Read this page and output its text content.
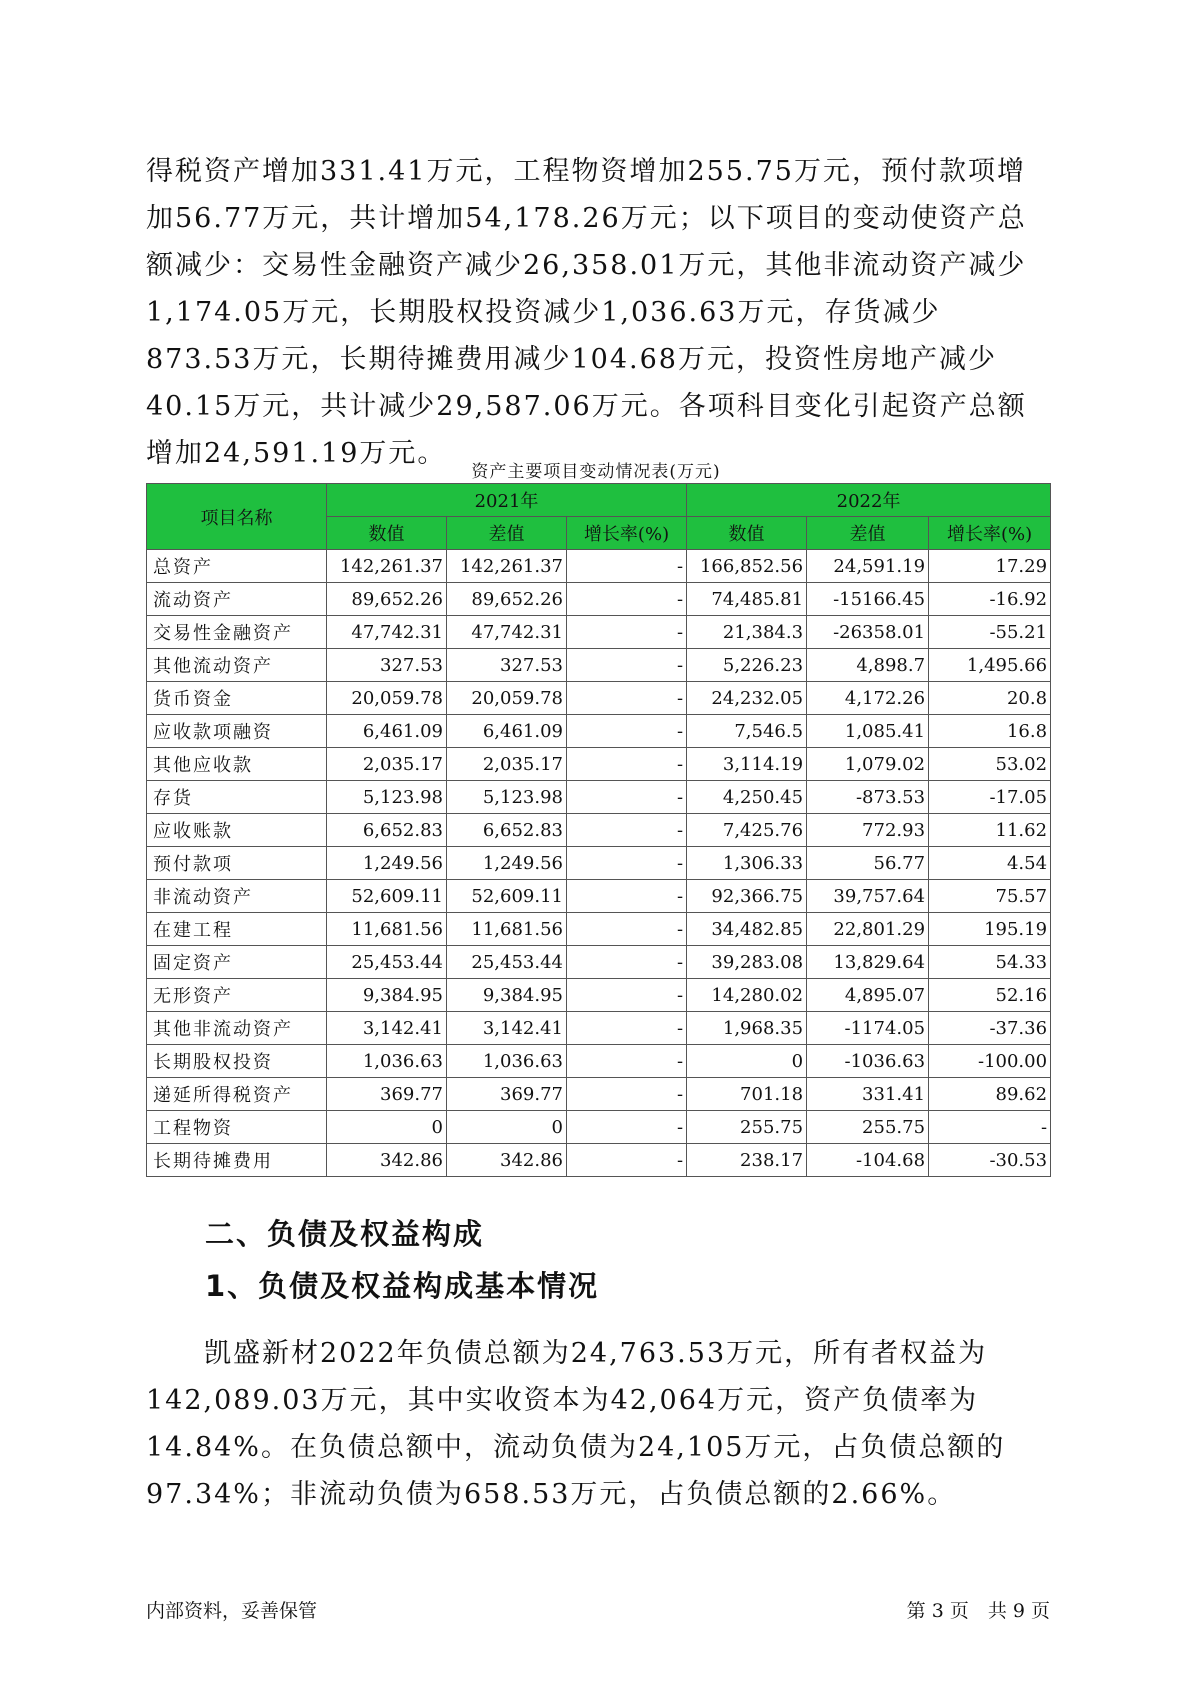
得税资产增加331.41万元，工程物资增加255.75万元，预付款项增加56.77万元，共计增加54,178.26万元；以下项目的变动使资产总额减少：交易性金融资产减少26,358.01万元，其他非流动资产减少1,174.05万元，长期股权投资减少1,036.63万元，存货减少873.53万元，长期待摊费用减少104.68万元，投资性房地产减少40.15万元，共计减少29,587.06万元。各项科目变化引起资产总额增加24,591.19万元。

资产主要项目变动情况表(万元)
项目名称	2021年			2022年		
	数值	差值	增长率(%)	数值	差值	增长率(%)
总资产	142,261.37	142,261.37	-	166,852.56	24,591.19	17.29
流动资产	89,652.26	89,652.26	-	74,485.81	-15166.45	-16.92
交易性金融资产	47,742.31	47,742.31	-	21,384.3	-26358.01	-55.21
其他流动资产	327.53	327.53	-	5,226.23	4,898.7	1,495.66
货币资金	20,059.78	20,059.78	-	24,232.05	4,172.26	20.8
应收款项融资	6,461.09	6,461.09	-	7,546.5	1,085.41	16.8
其他应收款	2,035.17	2,035.17	-	3,114.19	1,079.02	53.02
存货	5,123.98	5,123.98	-	4,250.45	-873.53	-17.05
应收账款	6,652.83	6,652.83	-	7,425.76	772.93	11.62
预付款项	1,249.56	1,249.56	-	1,306.33	56.77	4.54
非流动资产	52,609.11	52,609.11	-	92,366.75	39,757.64	75.57
在建工程	11,681.56	11,681.56	-	34,482.85	22,801.29	195.19
固定资产	25,453.44	25,453.44	-	39,283.08	13,829.64	54.33
无形资产	9,384.95	9,384.95	-	14,280.02	4,895.07	52.16
其他非流动资产	3,142.41	3,142.41	-	1,968.35	-1174.05	-37.36
长期股权投资	1,036.63	1,036.63	-	0	-1036.63	-100.00
递延所得税资产	369.77	369.77	-	701.18	331.41	89.62
工程物资	0	0	-	255.75	255.75	-
长期待摊费用	342.86	342.86	-	238.17	-104.68	-30.53
二、负债及权益构成
1、负债及权益构成基本情况

凯盛新材2022年负债总额为24,763.53万元，所有者权益为142,089.03万元，其中实收资本为42,064万元，资产负债率为14.84%。在负债总额中，流动负债为24,105万元，占负债总额的97.34%；非流动负债为658.53万元，占负债总额的2.66%。

内部资料，妥善保管	第 3 页　共 9 页
